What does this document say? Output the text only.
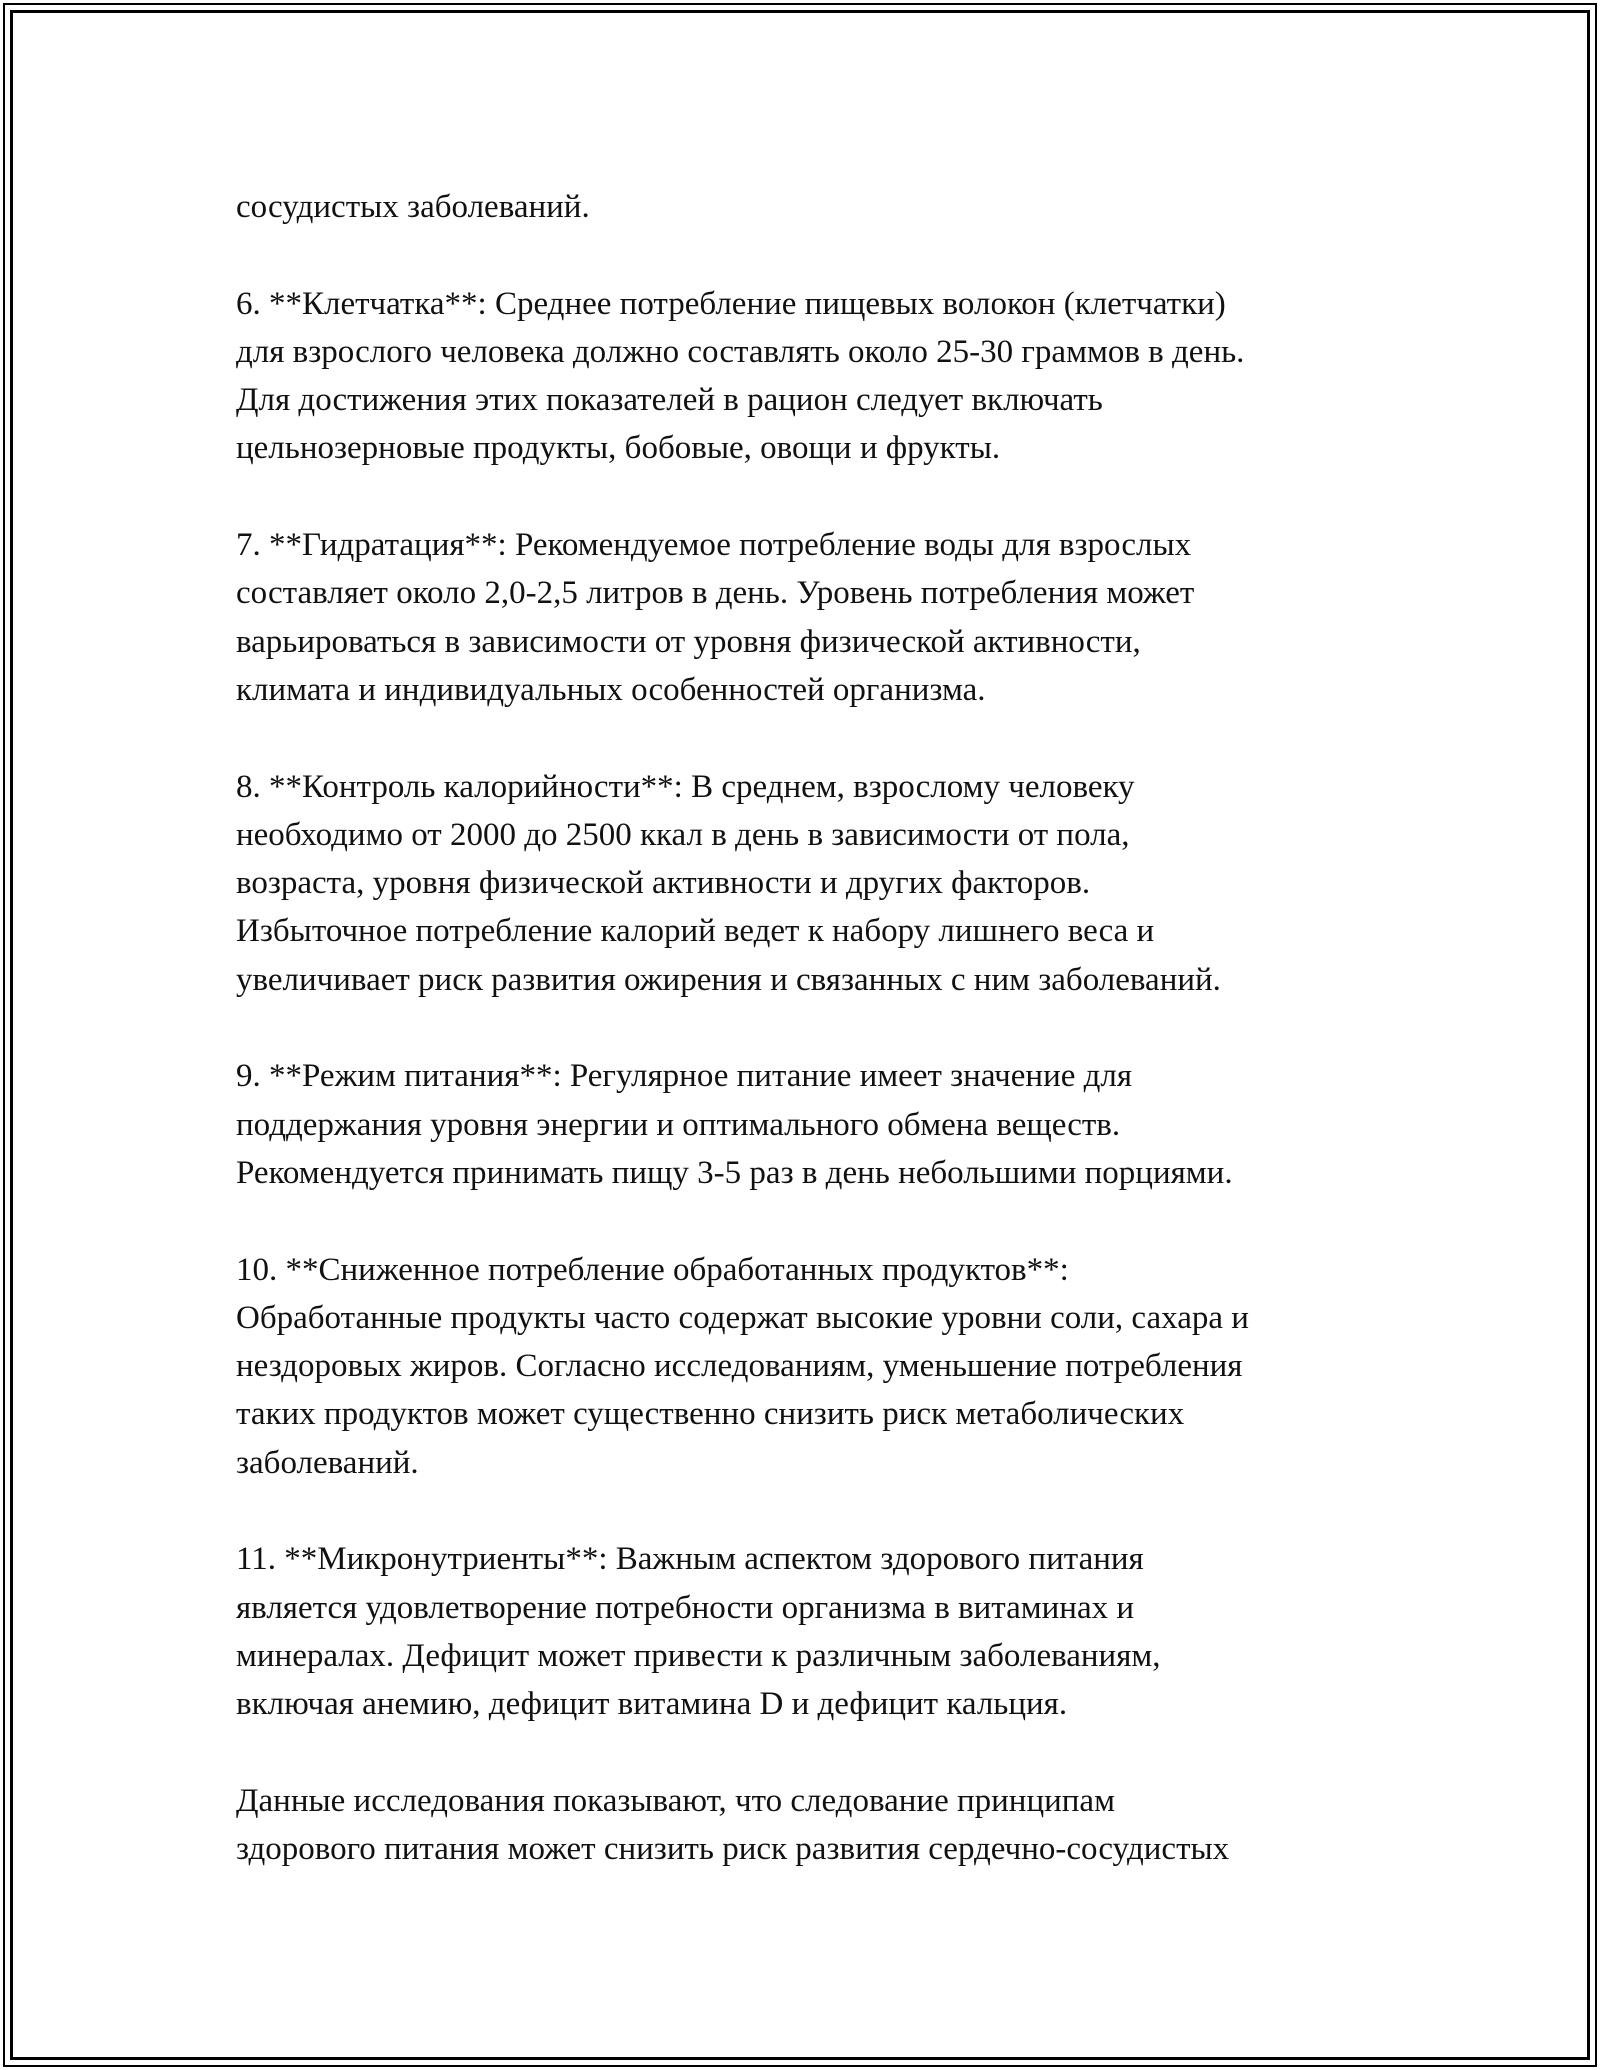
сосудистых заболеваний.
6. **Клетчатка**: Среднее потребление пищевых волокон (клетчатки)
для взрослого человека должно составлять около 25-30 граммов в день.
Для достижения этих показателей в рацион следует включать
цельнозерновые продукты, бобовые, овощи и фрукты.
7. **Гидратация**: Рекомендуемое потребление воды для взрослых
составляет около 2,0-2,5 литров в день. Уровень потребления может
варьироваться в зависимости от уровня физической активности,
климата и индивидуальных особенностей организма.
8. **Контроль калорийности**: В среднем, взрослому человеку
необходимо от 2000 до 2500 ккал в день в зависимости от пола,
возраста, уровня физической активности и других факторов.
Избыточное потребление калорий ведет к набору лишнего веса и
увеличивает риск развития ожирения и связанных с ним заболеваний.
9. **Режим питания**: Регулярное питание имеет значение для
поддержания уровня энергии и оптимального обмена веществ.
Рекомендуется принимать пищу 3-5 раз в день небольшими порциями.
10. **Сниженное потребление обработанных продуктов**:
Обработанные продукты часто содержат высокие уровни соли, сахара и
нездоровых жиров. Согласно исследованиям, уменьшение потребления
таких продуктов может существенно снизить риск метаболических
заболеваний.
11. **Микронутриенты**: Важным аспектом здорового питания
является удовлетворение потребности организма в витаминах и
минералах. Дефицит может привести к различным заболеваниям,
включая анемию, дефицит витамина D и дефицит кальция.
Данные исследования показывают, что следование принципам
здорового питания может снизить риск развития сердечно-сосудистых
